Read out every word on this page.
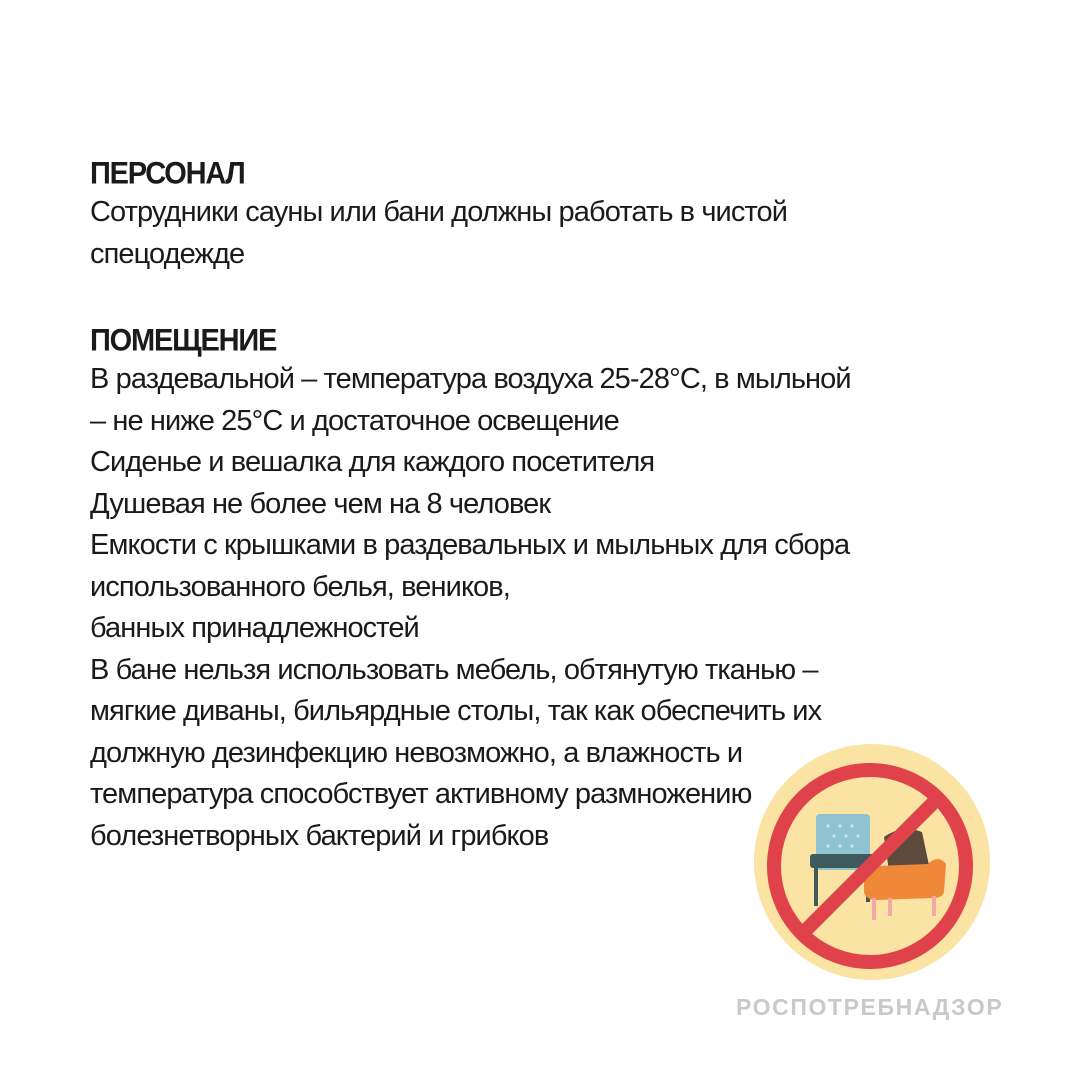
ПЕРСОНАЛ
Сотрудники сауны или бани должны работать в чистой
спецодежде
ПОМЕЩЕНИЕ
В раздевальной – температура воздуха 25-28°C, в мыльной
– не ниже 25°C и достаточное освещение
Сиденье и вешалка для каждого посетителя
Душевая не более чем на 8 человек
Емкости с крышками в раздевальных и мыльных для сбора
использованного белья, веников,
банных принадлежностей
В бане нельзя использовать мебель, обтянутую тканью –
мягкие диваны, бильярдные столы, так как обеспечить их
должную дезинфекцию невозможно, а влажность и
температура способствует активному размножению
болезнетворных бактерий и грибков
РОСПОТРЕБНАДЗОР
